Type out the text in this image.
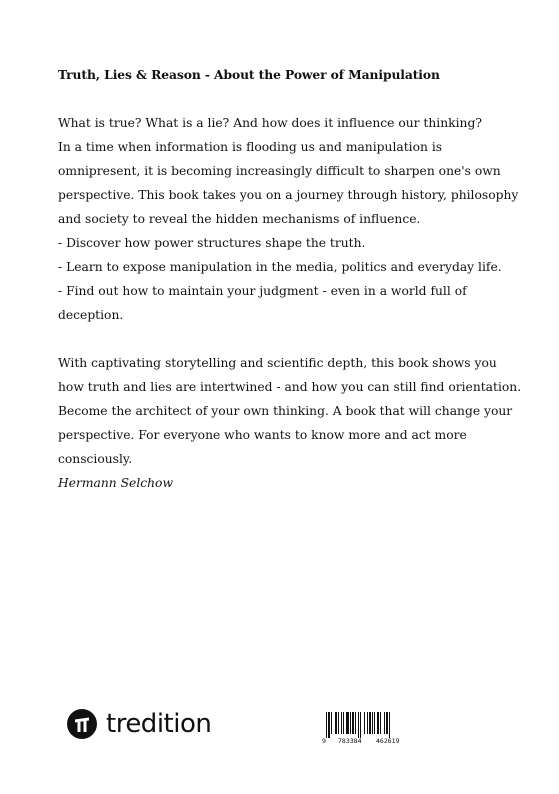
Truth, Lies & Reason - About the Power of Manipulation

What is true? What is a lie? And how does it influence our thinking?

In a time when information is flooding us and manipulation is

omnipresent, it is becoming increasingly difficult to sharpen one's own

perspective. This book takes you on a journey through history, philosophy

and society to reveal the hidden mechanisms of influence.

- Discover how power structures shape the truth.

- Learn to expose manipulation in the media, politics and everyday life.

- Find out how to maintain your judgment - even in a world full of

deception.

With captivating storytelling and scientific depth, this book shows you

how truth and lies are intertwined - and how you can still find orientation.

Become the architect of your own thinking. A book that will change your

perspective. For everyone who wants to know more and act more

consciously.

Hermann Selchow

tredition
9 783384 462619
